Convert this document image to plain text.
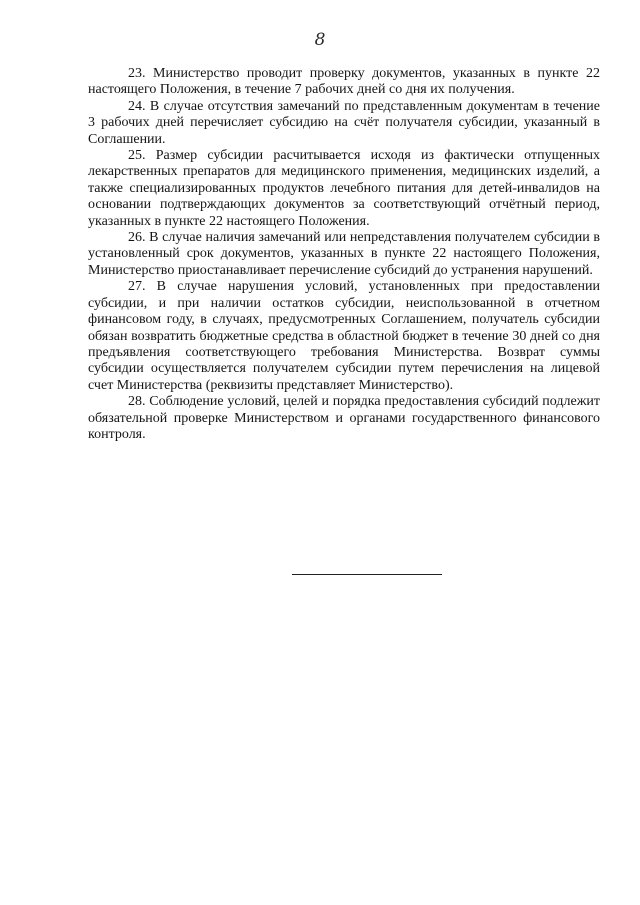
8

23. Министерство проводит проверку документов, указанных в пункте 22 настоящего Положения, в течение 7 рабочих дней со дня их получения.

24. В случае отсутствия замечаний по представленным документам в течение 3 рабочих дней перечисляет субсидию на счёт получателя субсидии, указанный в Соглашении.

25. Размер субсидии расчитывается исходя из фактически отпущенных лекарственных препаратов для медицинского применения, медицинских изделий, а также специализированных продуктов лечебного питания для детей-инвалидов на основании подтверждающих документов за соответствующий отчётный период, указанных в пункте 22 настоящего Положения.

26. В случае наличия замечаний или непредставления получателем субсидии в установленный срок документов, указанных в пункте 22 настоящего Положения, Министерство приостанавливает перечисление субсидий до устранения нарушений.

27. В случае нарушения условий, установленных при предоставлении субсидии, и при наличии остатков субсидии, неиспользованной в отчетном финансовом году, в случаях, предусмотренных Соглашением, получатель субсидии обязан возвратить бюджетные средства в областной бюджет в течение 30 дней со дня предъявления соответствующего требования Министерства. Возврат суммы субсидии осуществляется получателем субсидии путем перечисления на лицевой счет Министерства (реквизиты представляет Министерство).

28. Соблюдение условий, целей и порядка предоставления субсидий подлежит обязательной проверке Министерством и органами государственного финансового контроля.
